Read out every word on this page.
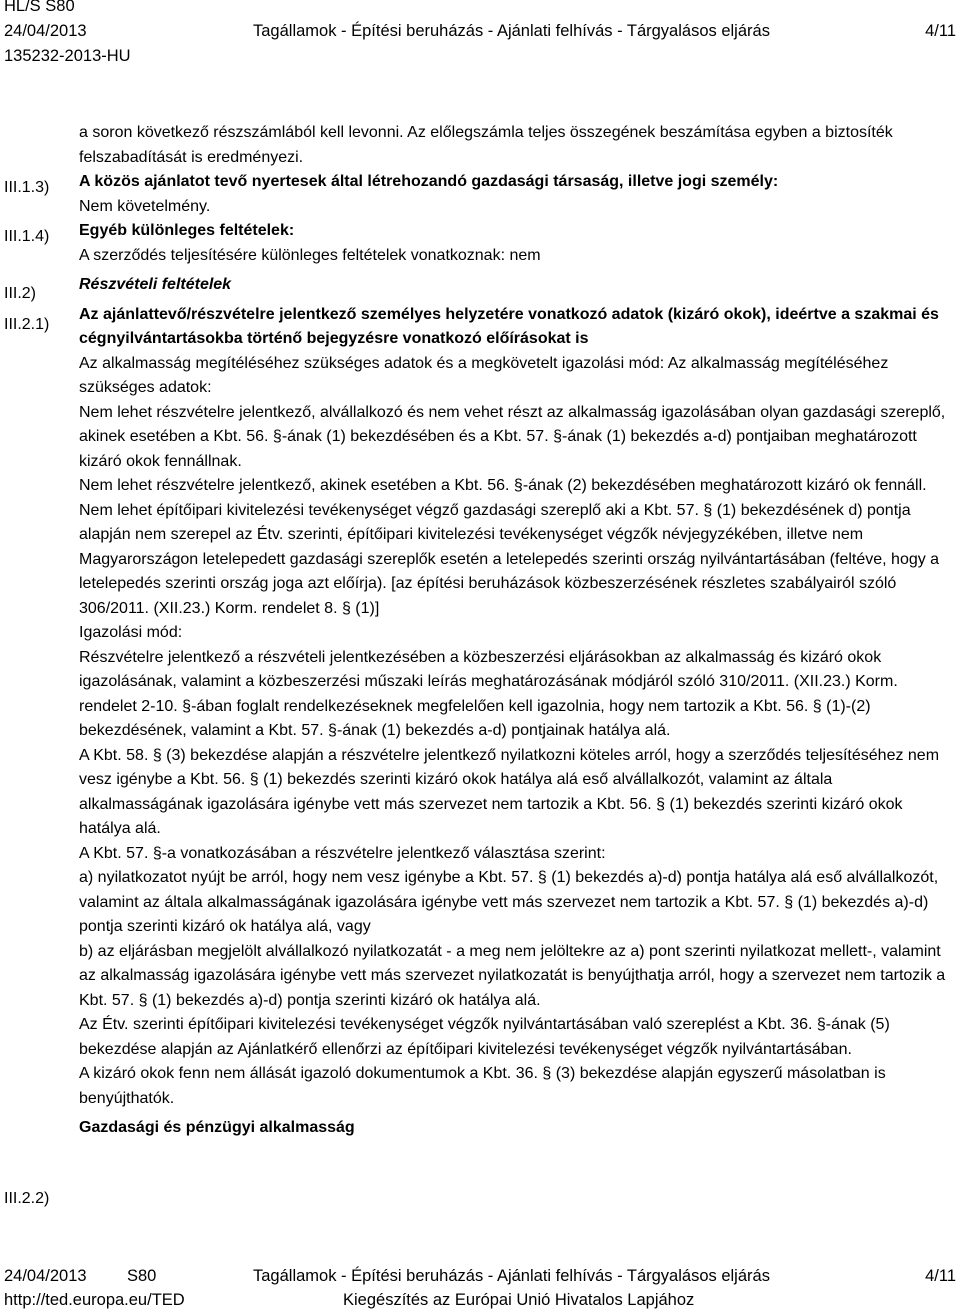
HL/S S80
24/04/2013	Tagállamok - Építési beruházás - Ajánlati felhívás - Tárgyalásos eljárás	4/11
135232-2013-HU
III.1.3)
III.1.4)
III.2)
III.2.1)
III.2.2)

a soron következő részszámlából kell levonni. Az előlegszámla teljes összegének beszámítása egyben a biztosíték felszabadítását is eredményezi.

A közös ajánlatot tevő nyertesek által létrehozandó gazdasági társaság, illetve jogi személy:

Nem követelmény.

Egyéb különleges feltételek:

A szerződés teljesítésére különleges feltételek vonatkoznak: nem

Részvételi feltételek

Az ajánlattevő/részvételre jelentkező személyes helyzetére vonatkozó adatok (kizáró okok), ideértve a szakmai és cégnyilvántartásokba történő bejegyzésre vonatkozó előírásokat is

Az alkalmasság megítéléséhez szükséges adatok és a megkövetelt igazolási mód: Az alkalmasság megítéléséhez szükséges adatok:

Nem lehet részvételre jelentkező, alvállalkozó és nem vehet részt az alkalmasság igazolásában olyan gazdasági szereplő, akinek esetében a Kbt. 56. §-ának (1) bekezdésében és a Kbt. 57. §-ának (1) bekezdés a-d) pontjaiban meghatározott kizáró okok fennállnak.

Nem lehet részvételre jelentkező, akinek esetében a Kbt. 56. §-ának (2) bekezdésében meghatározott kizáró ok fennáll.

Nem lehet építőipari kivitelezési tevékenységet végző gazdasági szereplő aki a Kbt. 57. § (1) bekezdésének d) pontja alapján nem szerepel az Étv. szerinti, építőipari kivitelezési tevékenységet végzők névjegyzékében, illetve nem Magyarországon letelepedett gazdasági szereplők esetén a letelepedés szerinti ország nyilvántartásában (feltéve, hogy a letelepedés szerinti ország joga azt előírja). [az építési beruházások közbeszerzésének részletes szabályairól szóló 306/2011. (XII.23.) Korm. rendelet 8. § (1)]

Igazolási mód:

Részvételre jelentkező a részvételi jelentkezésében a közbeszerzési eljárásokban az alkalmasság és kizáró okok igazolásának, valamint a közbeszerzési műszaki leírás meghatározásának módjáról szóló 310/2011. (XII.23.) Korm. rendelet 2-10. §-ában foglalt rendelkezéseknek megfelelően kell igazolnia, hogy nem tartozik a Kbt. 56. § (1)-(2) bekezdésének, valamint a Kbt. 57. §-ának (1) bekezdés a-d) pontjainak hatálya alá.

A Kbt. 58. § (3) bekezdése alapján a részvételre jelentkező nyilatkozni köteles arról, hogy a szerződés teljesítéséhez nem vesz igénybe a Kbt. 56. § (1) bekezdés szerinti kizáró okok hatálya alá eső alvállalkozót, valamint az általa alkalmasságának igazolására igénybe vett más szervezet nem tartozik a Kbt. 56. § (1) bekezdés szerinti kizáró okok hatálya alá.

A Kbt. 57. §-a vonatkozásában a részvételre jelentkező választása szerint:

a) nyilatkozatot nyújt be arról, hogy nem vesz igénybe a Kbt. 57. § (1) bekezdés a)-d) pontja hatálya alá eső alvállalkozót, valamint az általa alkalmasságának igazolására igénybe vett más szervezet nem tartozik a Kbt. 57. § (1) bekezdés a)-d) pontja szerinti kizáró ok hatálya alá, vagy

b) az eljárásban megjelölt alvállalkozó nyilatkozatát - a meg nem jelöltekre az a) pont szerinti nyilatkozat mellett-, valamint az alkalmasság igazolására igénybe vett más szervezet nyilatkozatát is benyújthatja arról, hogy a szervezet nem tartozik a Kbt. 57. § (1) bekezdés a)-d) pontja szerinti kizáró ok hatálya alá.

Az Étv. szerinti építőipari kivitelezési tevékenységet végzők nyilvántartásában való szereplést a Kbt. 36. §-ának (5) bekezdése alapján az Ajánlatkérő ellenőrzi az építőipari kivitelezési tevékenységet végzők nyilvántartásában.

A kizáró okok fenn nem állását igazoló dokumentumok a Kbt. 36. § (3) bekezdése alapján egyszerű másolatban is benyújthatók.

Gazdasági és pénzügyi alkalmasság

24/04/2013 S80	Tagállamok - Építési beruházás - Ajánlati felhívás - Tárgyalásos eljárás	4/11
http://ted.europa.eu/TED	Kiegészítés az Európai Unió Hivatalos Lapjához
